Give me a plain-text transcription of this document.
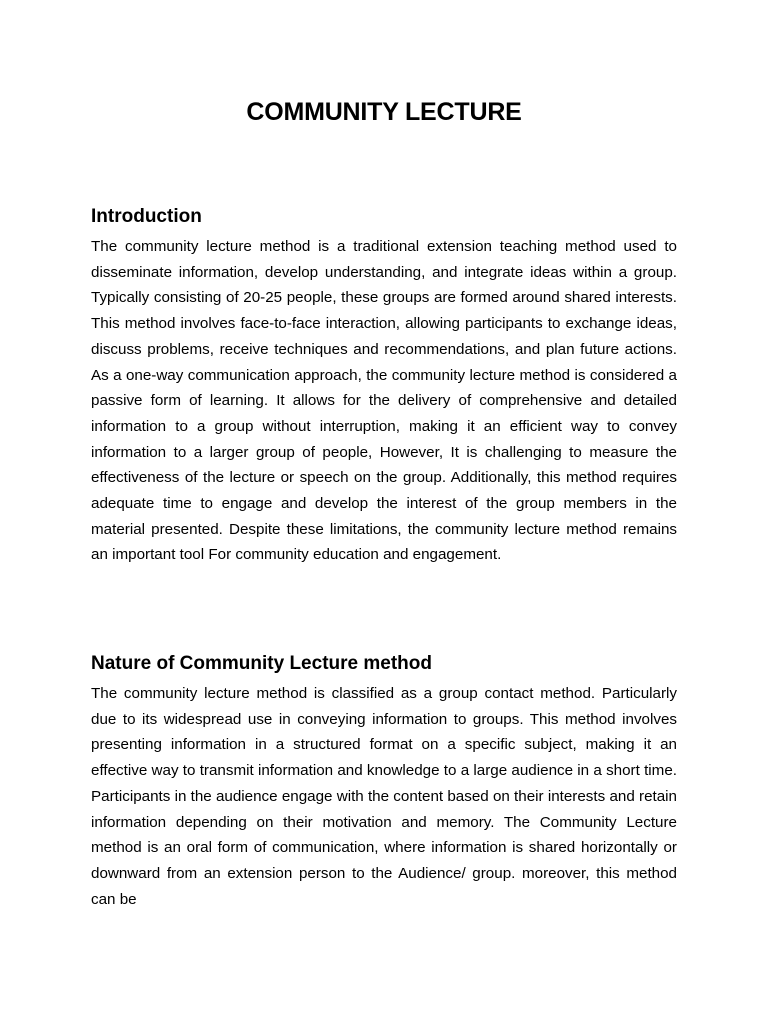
COMMUNITY LECTURE
Introduction

The community lecture method is a traditional extension teaching method used to disseminate information, develop understanding, and integrate ideas within a group. Typically consisting of 20-25 people, these groups are formed around shared interests. This method involves face-to-face interaction, allowing participants to exchange ideas, discuss problems, receive techniques and recommendations, and plan future actions. As a one-way communication approach, the community lecture method is considered a passive form of learning. It allows for the delivery of comprehensive and detailed information to a group without interruption, making it an efficient way to convey information to a larger group of people, However, It is challenging to measure the effectiveness of the lecture or speech on the group. Additionally, this method requires adequate time to engage and develop the interest of the group members in the material presented. Despite these limitations, the community lecture method remains an important tool For community education and engagement.

Nature of Community Lecture method

The community lecture method is classified as a group contact method. Particularly due to its widespread use in conveying information to groups. This method involves presenting information in a structured format on a specific subject, making it an effective way to transmit information and knowledge to a large audience in a short time. Participants in the audience engage with the content based on their interests and retain information depending on their motivation and memory. The Community Lecture method is an oral form of communication, where information is shared horizontally or downward from an extension person to the Audience/ group. moreover, this method can be
